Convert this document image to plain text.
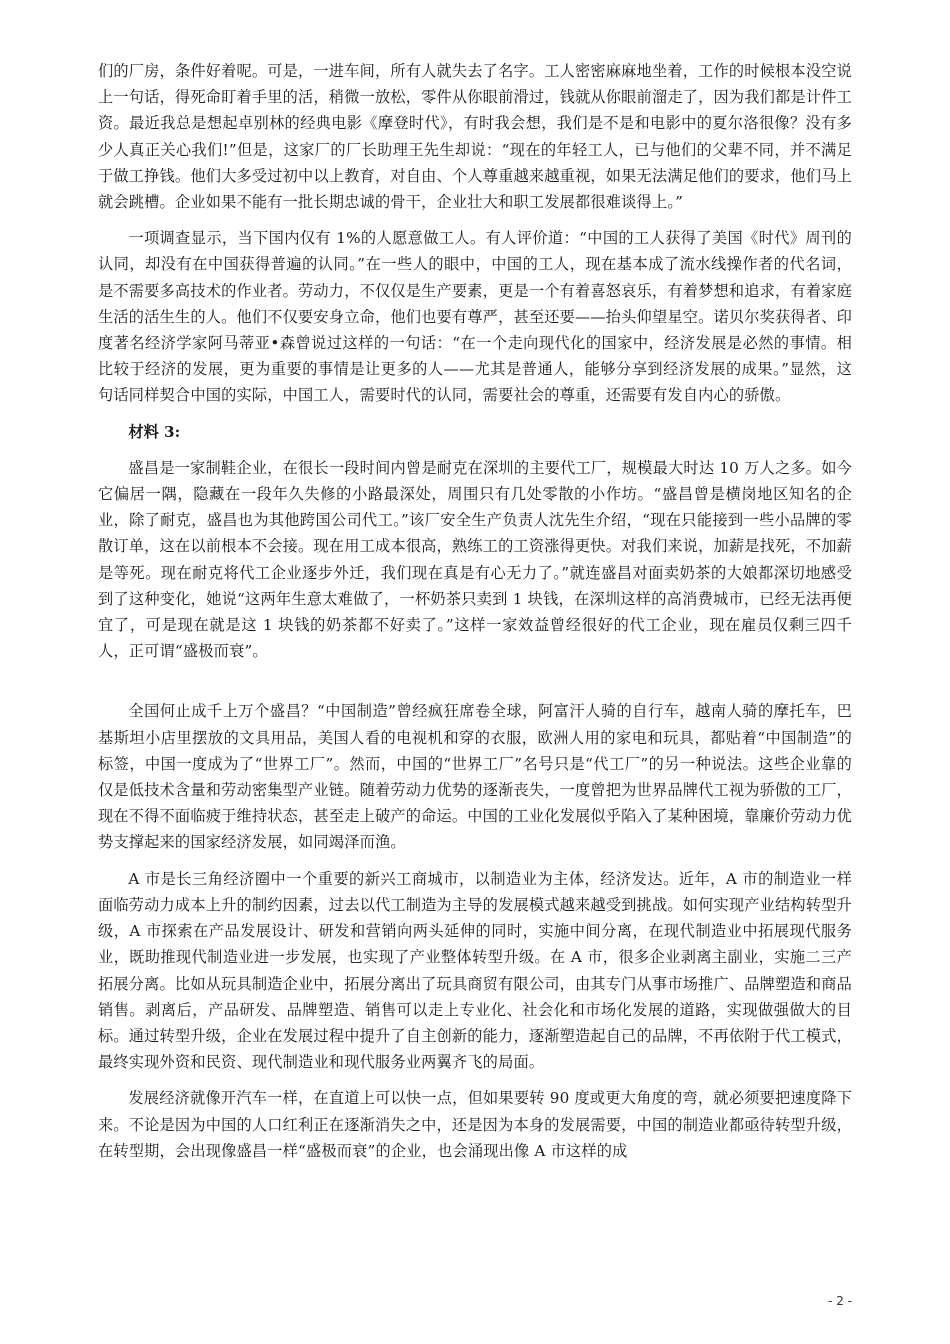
们的厂房，条件好着呢。可是，一进车间，所有人就失去了名字。工人密密麻麻地坐着，工作的时候根本没空说上一句话，得死命盯着手里的活，稍微一放松，零件从你眼前滑过，钱就从你眼前溜走了，因为我们都是计件工资。最近我总是想起卓别林的经典电影《摩登时代》，有时我会想，我们是不是和电影中的夏尔洛很像？没有多少人真正关心我们!”但是，这家厂的厂长助理王先生却说：“现在的年轻工人，已与他们的父辈不同，并不满足于做工挣钱。他们大多受过初中以上教育，对自由、个人尊重越来越重视，如果无法满足他们的要求，他们马上就会跳槽。企业如果不能有一批长期忠诚的骨干，企业壮大和职工发展都很难谈得上。”

一项调查显示，当下国内仅有 1%的人愿意做工人。有人评价道：“中国的工人获得了美国《时代》周刊的认同，却没有在中国获得普遍的认同。”在一些人的眼中，中国的工人，现在基本成了流水线操作者的代名词，是不需要多高技术的作业者。劳动力，不仅仅是生产要素，更是一个有着喜怒哀乐，有着梦想和追求，有着家庭生活的活生生的人。他们不仅要安身立命，他们也要有尊严，甚至还要——抬头仰望星空。诺贝尔奖获得者、印度著名经济学家阿马蒂亚•森曾说过这样的一句话：“在一个走向现代化的国家中，经济发展是必然的事情。相比较于经济的发展，更为重要的事情是让更多的人——尤其是普通人，能够分享到经济发展的成果。”显然，这句话同样契合中国的实际，中国工人，需要时代的认同，需要社会的尊重，还需要有发自内心的骄傲。

材料 3:

盛昌是一家制鞋企业，在很长一段时间内曾是耐克在深圳的主要代工厂，规模最大时达 10 万人之多。如今它偏居一隅，隐藏在一段年久失修的小路最深处，周围只有几处零散的小作坊。“盛昌曾是横岗地区知名的企业，除了耐克，盛昌也为其他跨国公司代工。”该厂安全生产负责人沈先生介绍，“现在只能接到一些小品牌的零散订单，这在以前根本不会接。现在用工成本很高，熟练工的工资涨得更快。对我们来说，加薪是找死，不加薪是等死。现在耐克将代工企业逐步外迁，我们现在真是有心无力了。”就连盛昌对面卖奶茶的大娘都深切地感受到了这种变化，她说“这两年生意太难做了，一杯奶茶只卖到 1 块钱，在深圳这样的高消费城市，已经无法再便宜了，可是现在就是这 1 块钱的奶茶都不好卖了。”这样一家效益曾经很好的代工企业，现在雇员仅剩三四千人，正可谓“盛极而衰”。

全国何止成千上万个盛昌？“中国制造”曾经疯狂席卷全球，阿富汗人骑的自行车，越南人骑的摩托车，巴基斯坦小店里摆放的文具用品，美国人看的电视机和穿的衣服，欧洲人用的家电和玩具，都贴着“中国制造”的标签，中国一度成为了“世界工厂”。然而，中国的“世界工厂”名号只是“代工厂”的另一种说法。这些企业靠的仅是低技术含量和劳动密集型产业链。随着劳动力优势的逐渐丧失，一度曾把为世界品牌代工视为骄傲的工厂，现在不得不面临疲于维持状态，甚至走上破产的命运。中国的工业化发展似乎陷入了某种困境，靠廉价劳动力优势支撑起来的国家经济发展，如同竭泽而渔。

A 市是长三角经济圈中一个重要的新兴工商城市，以制造业为主体，经济发达。近年，A 市的制造业一样面临劳动力成本上升的制约因素，过去以代工制造为主导的发展模式越来越受到挑战。如何实现产业结构转型升级，A 市探索在产品发展设计、研发和营销向两头延伸的同时，实施中间分离，在现代制造业中拓展现代服务业，既助推现代制造业进一步发展，也实现了产业整体转型升级。在 A 市，很多企业剥离主副业，实施二三产拓展分离。比如从玩具制造企业中，拓展分离出了玩具商贸有限公司，由其专门从事市场推广、品牌塑造和商品销售。剥离后，产品研发、品牌塑造、销售可以走上专业化、社会化和市场化发展的道路，实现做强做大的目标。通过转型升级，企业在发展过程中提升了自主创新的能力，逐渐塑造起自己的品牌，不再依附于代工模式，最终实现外资和民资、现代制造业和现代服务业两翼齐飞的局面。

发展经济就像开汽车一样，在直道上可以快一点，但如果要转 90 度或更大角度的弯，就必须要把速度降下来。不论是因为中国的人口红利正在逐渐消失之中，还是因为本身的发展需要，中国的制造业都亟待转型升级，在转型期，会出现像盛昌一样“盛极而衰”的企业，也会涌现出像 A 市这样的成

- 2 -
